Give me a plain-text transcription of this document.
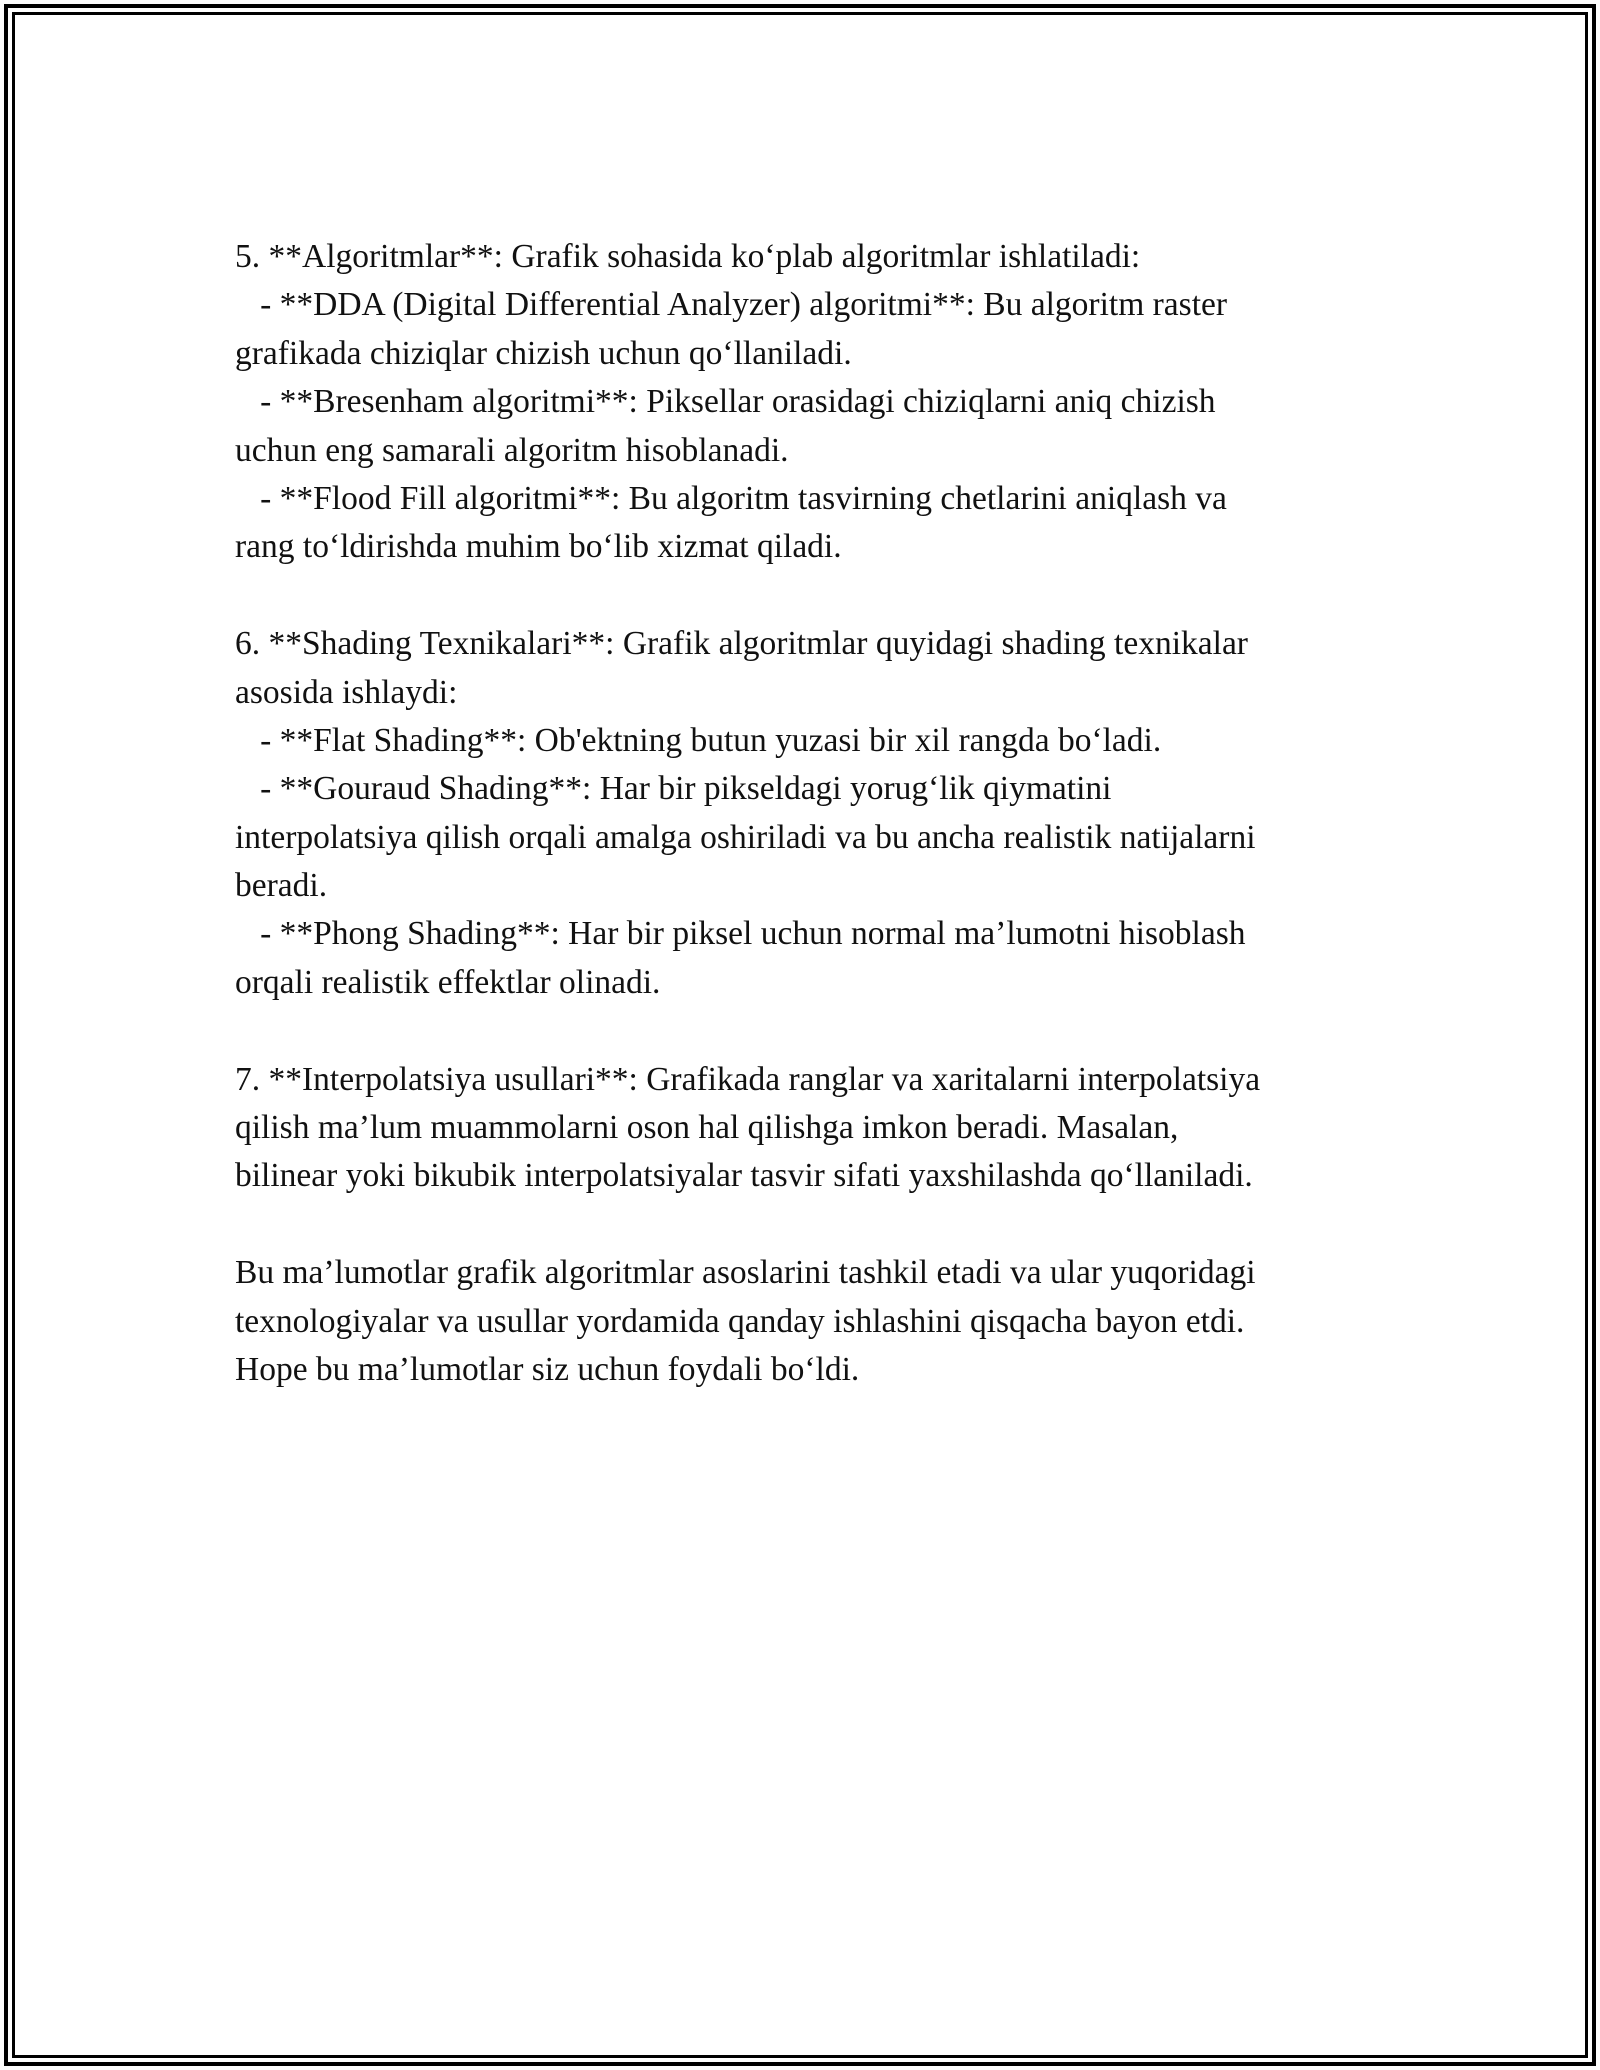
5. **Algoritmlar**: Grafik sohasida ko‘plab algoritmlar ishlatiladi:
- **DDA (Digital Differential Analyzer) algoritmi**: Bu algoritm raster
grafikada chiziqlar chizish uchun qo‘llaniladi.
- **Bresenham algoritmi**: Piksellar orasidagi chiziqlarni aniq chizish
uchun eng samarali algoritm hisoblanadi.
- **Flood Fill algoritmi**: Bu algoritm tasvirning chetlarini aniqlash va
rang to‘ldirishda muhim bo‘lib xizmat qiladi.
6. **Shading Texnikalari**: Grafik algoritmlar quyidagi shading texnikalar
asosida ishlaydi:
- **Flat Shading**: Ob'ektning butun yuzasi bir xil rangda bo‘ladi.
- **Gouraud Shading**: Har bir pikseldagi yorug‘lik qiymatini
interpolatsiya qilish orqali amalga oshiriladi va bu ancha realistik natijalarni
beradi.
- **Phong Shading**: Har bir piksel uchun normal ma’lumotni hisoblash
orqali realistik effektlar olinadi.
7. **Interpolatsiya usullari**: Grafikada ranglar va xaritalarni interpolatsiya
qilish ma’lum muammolarni oson hal qilishga imkon beradi. Masalan,
bilinear yoki bikubik interpolatsiyalar tasvir sifati yaxshilashda qo‘llaniladi.
Bu ma’lumotlar grafik algoritmlar asoslarini tashkil etadi va ular yuqoridagi
texnologiyalar va usullar yordamida qanday ishlashini qisqacha bayon etdi.
Hope bu ma’lumotlar siz uchun foydali bo‘ldi.
